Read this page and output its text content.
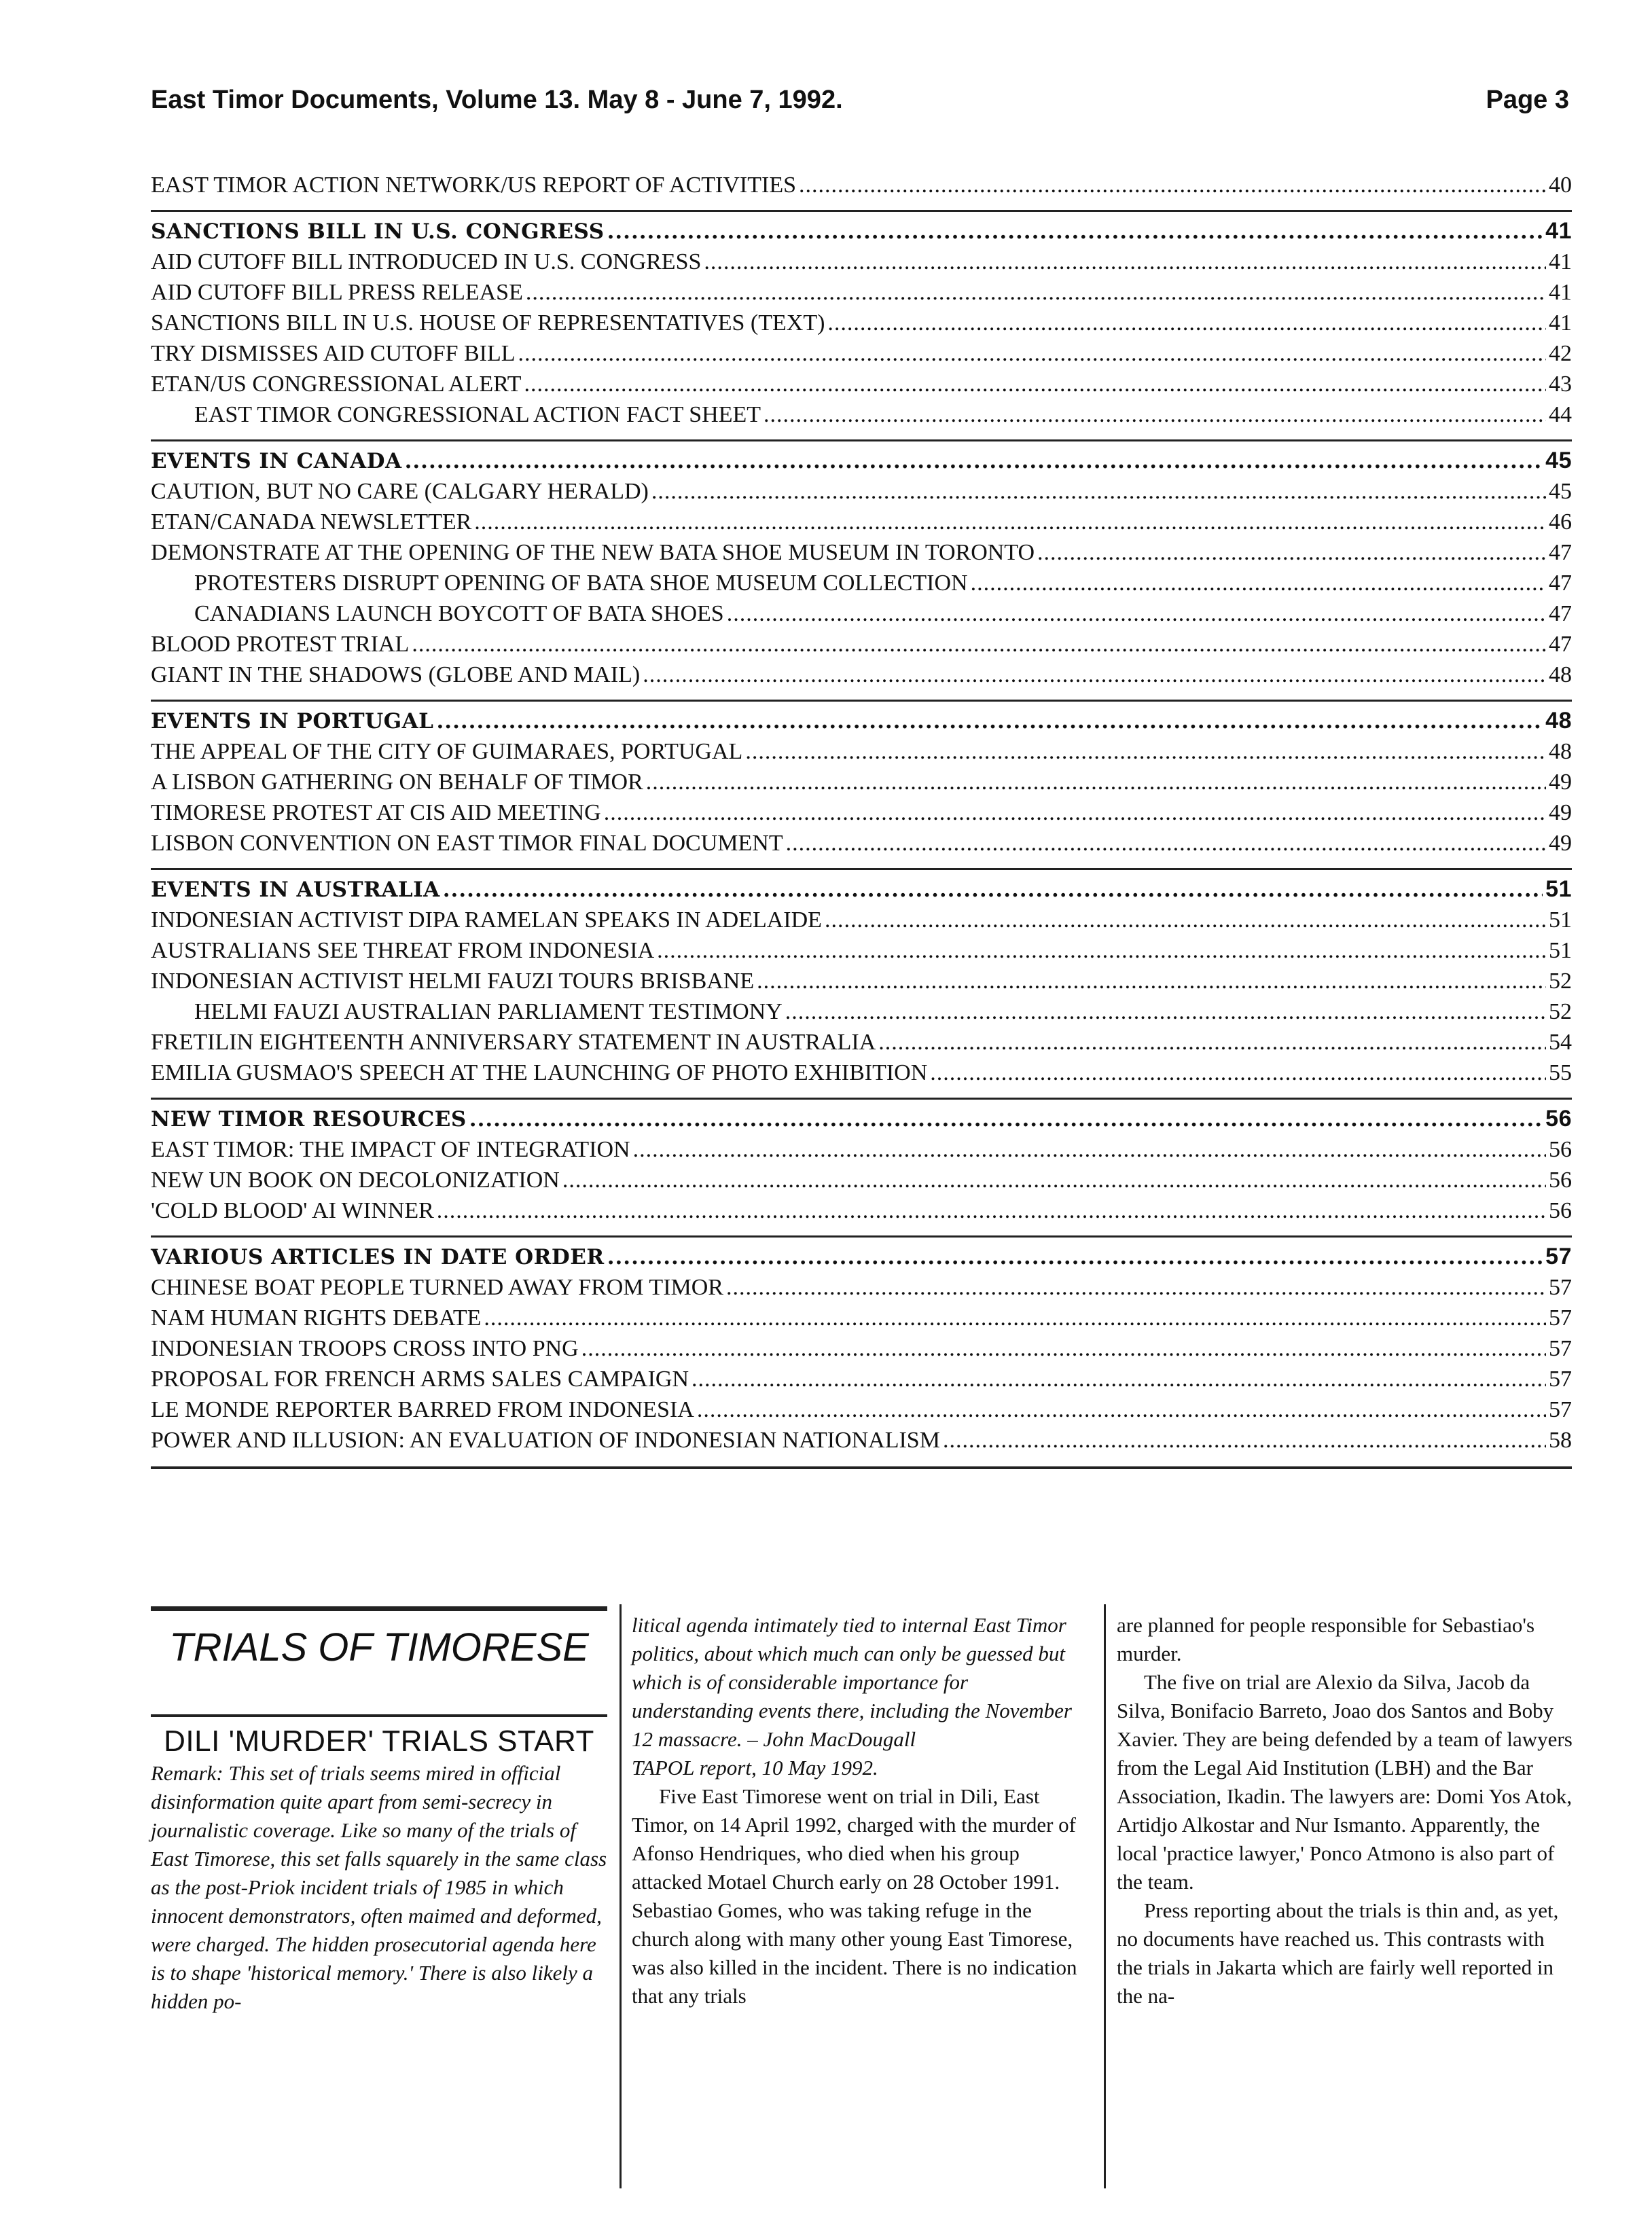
East Timor Documents, Volume 13. May 8 - June 7, 1992.	Page 3
EAST TIMOR ACTION NETWORK/US REPORT OF ACTIVITIES .....	40
SANCTIONS BILL IN U.S. CONGRESS .....	41
AID CUTOFF BILL INTRODUCED IN U.S. CONGRESS .....	41
AID CUTOFF BILL PRESS RELEASE .....	41
SANCTIONS BILL IN U.S. HOUSE OF REPRESENTATIVES (TEXT) .....	41
TRY DISMISSES AID CUTOFF BILL .....	42
ETAN/US CONGRESSIONAL ALERT .....	43
EAST TIMOR CONGRESSIONAL ACTION FACT SHEET .....	44
EVENTS IN CANADA .....	45
CAUTION, BUT NO CARE (CALGARY HERALD) .....	45
ETAN/CANADA NEWSLETTER .....	46
DEMONSTRATE AT THE OPENING OF THE NEW BATA SHOE MUSEUM IN TORONTO .....	47
PROTESTERS DISRUPT OPENING OF BATA SHOE MUSEUM COLLECTION .....	47
CANADIANS LAUNCH BOYCOTT OF BATA SHOES .....	47
BLOOD PROTEST TRIAL .....	47
GIANT IN THE SHADOWS (GLOBE AND MAIL) .....	48
EVENTS IN PORTUGAL .....	48
THE APPEAL OF THE CITY OF GUIMARAES, PORTUGAL .....	48
A LISBON GATHERING ON BEHALF OF TIMOR .....	49
TIMORESE PROTEST AT CIS AID MEETING .....	49
LISBON CONVENTION ON EAST TIMOR FINAL DOCUMENT .....	49
EVENTS IN AUSTRALIA .....	51
INDONESIAN ACTIVIST DIPA RAMELAN SPEAKS IN ADELAIDE .....	51
AUSTRALIANS SEE THREAT FROM INDONESIA .....	51
INDONESIAN ACTIVIST HELMI FAUZI TOURS BRISBANE .....	52
HELMI FAUZI AUSTRALIAN PARLIAMENT TESTIMONY .....	52
FRETILIN EIGHTEENTH ANNIVERSARY STATEMENT IN AUSTRALIA .....	54
EMILIA GUSMAO'S SPEECH AT THE LAUNCHING OF PHOTO EXHIBITION .....	55
NEW TIMOR RESOURCES .....	56
EAST TIMOR: THE IMPACT OF INTEGRATION .....	56
NEW UN BOOK ON DECOLONIZATION .....	56
'COLD BLOOD' AI WINNER .....	56
VARIOUS ARTICLES IN DATE ORDER .....	57
CHINESE BOAT PEOPLE TURNED AWAY FROM TIMOR .....	57
NAM HUMAN RIGHTS DEBATE .....	57
INDONESIAN TROOPS CROSS INTO PNG .....	57
PROPOSAL FOR FRENCH ARMS SALES CAMPAIGN .....	57
LE MONDE REPORTER BARRED FROM INDONESIA .....	57
POWER AND ILLUSION: AN EVALUATION OF INDONESIAN NATIONALISM .....	58
TRIALS OF TIMORESE
DILI 'MURDER' TRIALS START

Remark: This set of trials seems mired in official disinformation quite apart from semi-secrecy in journalistic coverage. Like so many of the trials of East Timorese, this set falls squarely in the same class as the post-Priok incident trials of 1985 in which innocent demonstrators, often maimed and deformed, were charged. The hidden prosecutorial agenda here is to shape 'historical memory.' There is also likely a hidden po-

litical agenda intimately tied to internal East Timor politics, about which much can only be guessed but which is of considerable importance for understanding events there, including the November 12 massacre. – John MacDougall

TAPOL report, 10 May 1992.

Five East Timorese went on trial in Dili, East Timor, on 14 April 1992, charged with the murder of Afonso Hendriques, who died when his group attacked Motael Church early on 28 October 1991. Sebastiao Gomes, who was taking refuge in the church along with many other young East Timorese, was also killed in the incident. There is no indication that any trials

are planned for people responsible for Sebastiao's murder.

The five on trial are Alexio da Silva, Jacob da Silva, Bonifacio Barreto, Joao dos Santos and Boby Xavier. They are being defended by a team of lawyers from the Legal Aid Institution (LBH) and the Bar Association, Ikadin. The lawyers are: Domi Yos Atok, Artidjo Alkostar and Nur Ismanto. Apparently, the local 'practice lawyer,' Ponco Atmono is also part of the team.

Press reporting about the trials is thin and, as yet, no documents have reached us. This contrasts with the trials in Jakarta which are fairly well reported in the na-
